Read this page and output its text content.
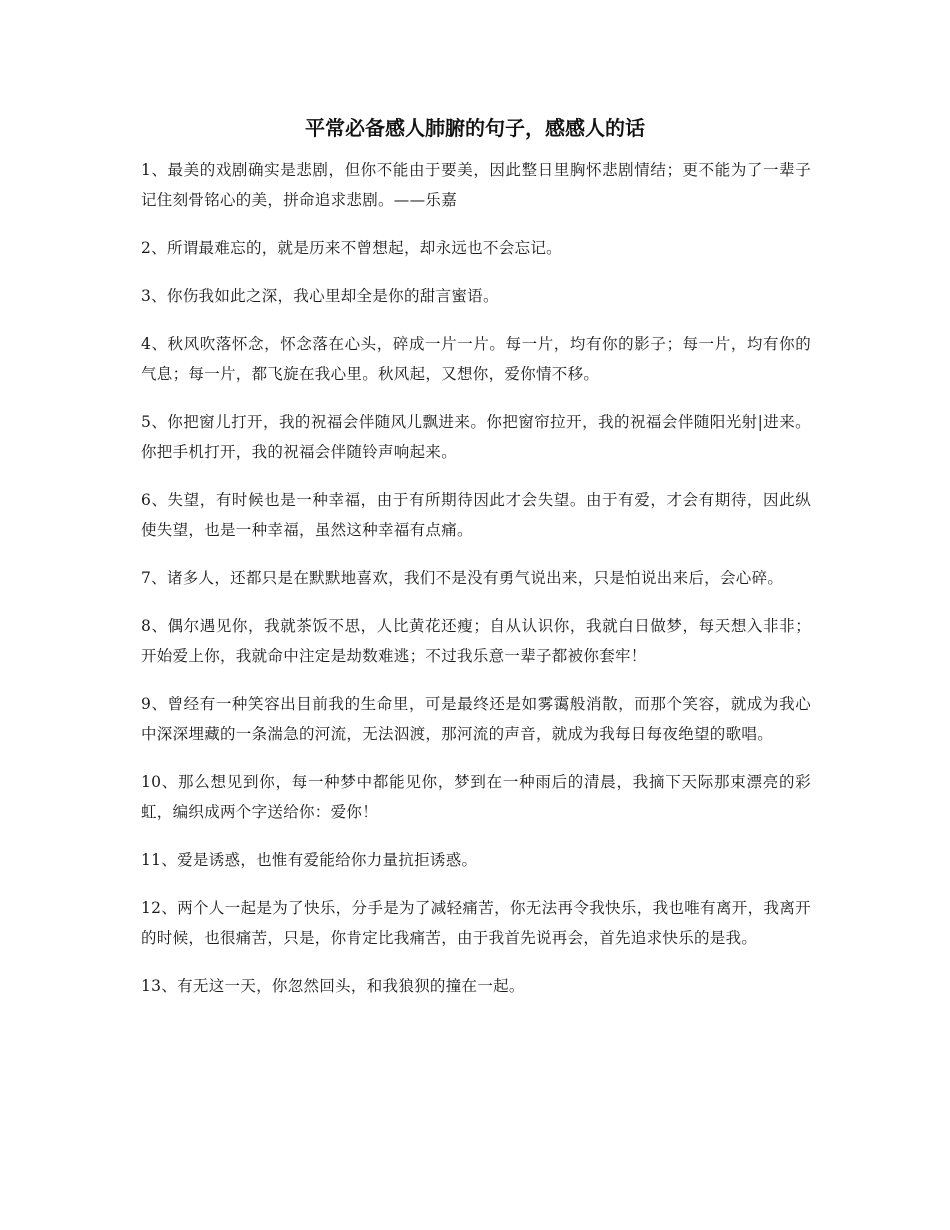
平常必备感人肺腑的句子，感感人的话

1、最美的戏剧确实是悲剧，但你不能由于要美，因此整日里胸怀悲剧情结；更不能为了一辈子记住刻骨铭心的美，拼命追求悲剧。——乐嘉

2、所谓最难忘的，就是历来不曾想起，却永远也不会忘记。

3、你伤我如此之深，我心里却全是你的甜言蜜语。

4、秋风吹落怀念，怀念落在心头，碎成一片一片。每一片，均有你的影子；每一片，均有你的气息；每一片，都飞旋在我心里。秋风起，又想你，爱你情不移。

5、你把窗儿打开，我的祝福会伴随风儿飘进来。你把窗帘拉开，我的祝福会伴随阳光射|进来。你把手机打开，我的祝福会伴随铃声响起来。

6、失望，有时候也是一种幸福，由于有所期待因此才会失望。由于有爱，才会有期待，因此纵使失望，也是一种幸福，虽然这种幸福有点痛。

7、诸多人，还都只是在默默地喜欢，我们不是没有勇气说出来，只是怕说出来后，会心碎。

8、偶尔遇见你，我就茶饭不思，人比黄花还瘦；自从认识你，我就白日做梦，每天想入非非；开始爱上你，我就命中注定是劫数难逃；不过我乐意一辈子都被你套牢！

9、曾经有一种笑容出目前我的生命里，可是最终还是如雾霭般消散，而那个笑容，就成为我心中深深埋藏的一条湍急的河流，无法泅渡，那河流的声音，就成为我每日每夜绝望的歌唱。

10、那么想见到你，每一种梦中都能见你，梦到在一种雨后的清晨，我摘下天际那束漂亮的彩虹，编织成两个字送给你：爱你！

11、爱是诱惑，也惟有爱能给你力量抗拒诱惑。

12、两个人一起是为了快乐，分手是为了减轻痛苦，你无法再令我快乐，我也唯有离开，我离开的时候，也很痛苦，只是，你肯定比我痛苦，由于我首先说再会，首先追求快乐的是我。

13、有无这一天，你忽然回头，和我狼狈的撞在一起。
